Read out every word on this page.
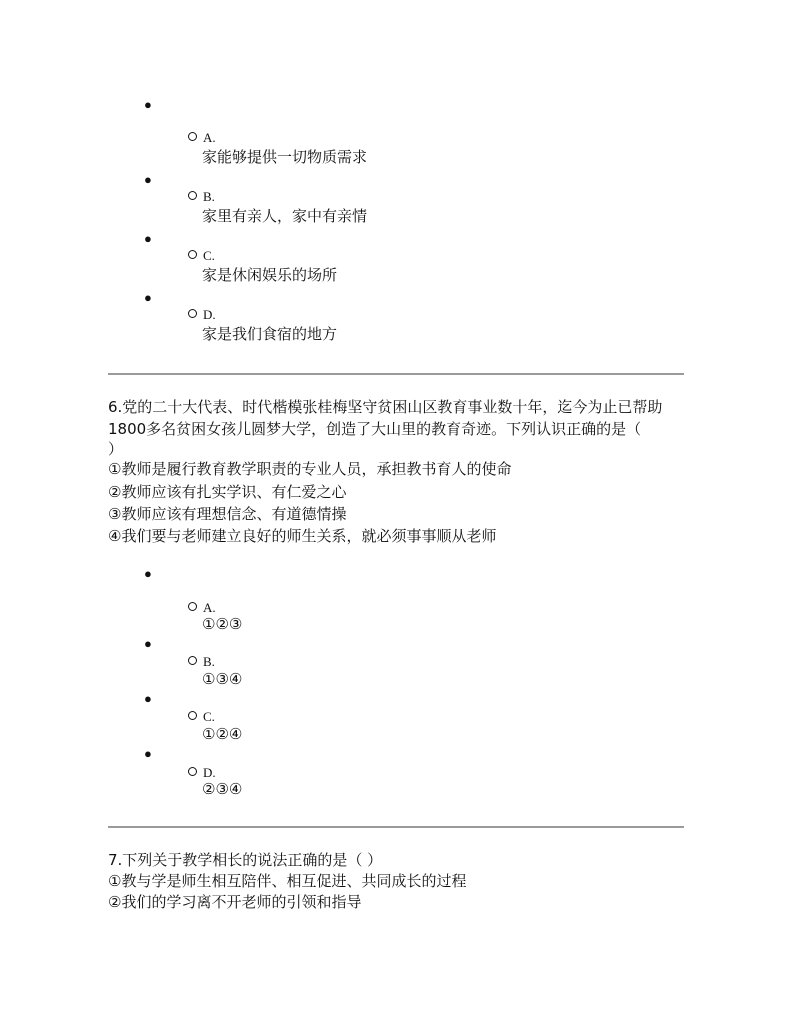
●
A.
家能够提供一切物质需求
●
B.
家里有亲人，家中有亲情
●
C.
家是休闲娱乐的场所
●
D.
家是我们食宿的地方
6.党的二十大代表、时代楷模张桂梅坚守贫困山区教育事业数十年，迄今为止已帮助
1800多名贫困女孩儿圆梦大学，创造了大山里的教育奇迹。下列认识正确的是（
）
①教师是履行教育教学职责的专业人员，承担教书育人的使命
②教师应该有扎实学识、有仁爱之心
③教师应该有理想信念、有道德情操
④我们要与老师建立良好的师生关系，就必须事事顺从老师
●
A.
①②③
●
B.
①③④
●
C.
①②④
●
D.
②③④
7.下列关于教学相长的说法正确的是（ ）
①教与学是师生相互陪伴、相互促进、共同成长的过程
②我们的学习离不开老师的引领和指导
